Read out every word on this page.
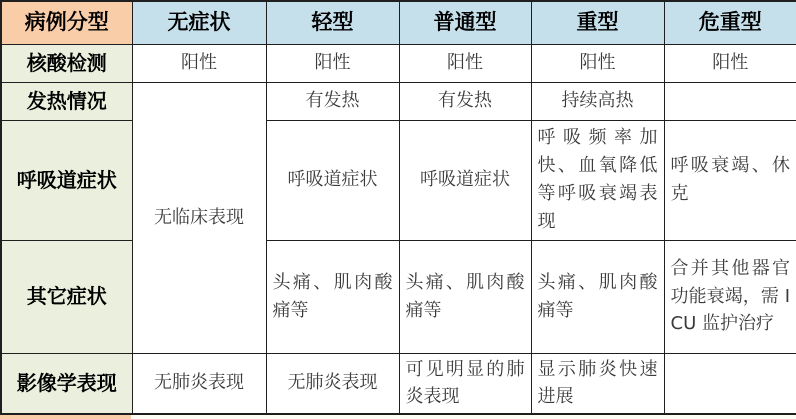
病例分型	无症状	轻型	普通型	重型	危重型
核酸检测	阳性	阳性	阳性	阳性	阳性
发热情况	无临床表现	有发热	有发热	持续高热	
呼吸道症状		呼吸道症状	呼吸道症状	呼吸频率加快、血氧降低等呼吸衰竭表现	呼吸衰竭、休克
其它症状		头痛、肌肉酸痛等	头痛、肌肉酸痛等	头痛、肌肉酸痛等	合并其他器官功能衰竭，需 ICU 监护治疗
影像学表现	无肺炎表现	无肺炎表现	可见明显的肺炎表现	显示肺炎快速进展	
